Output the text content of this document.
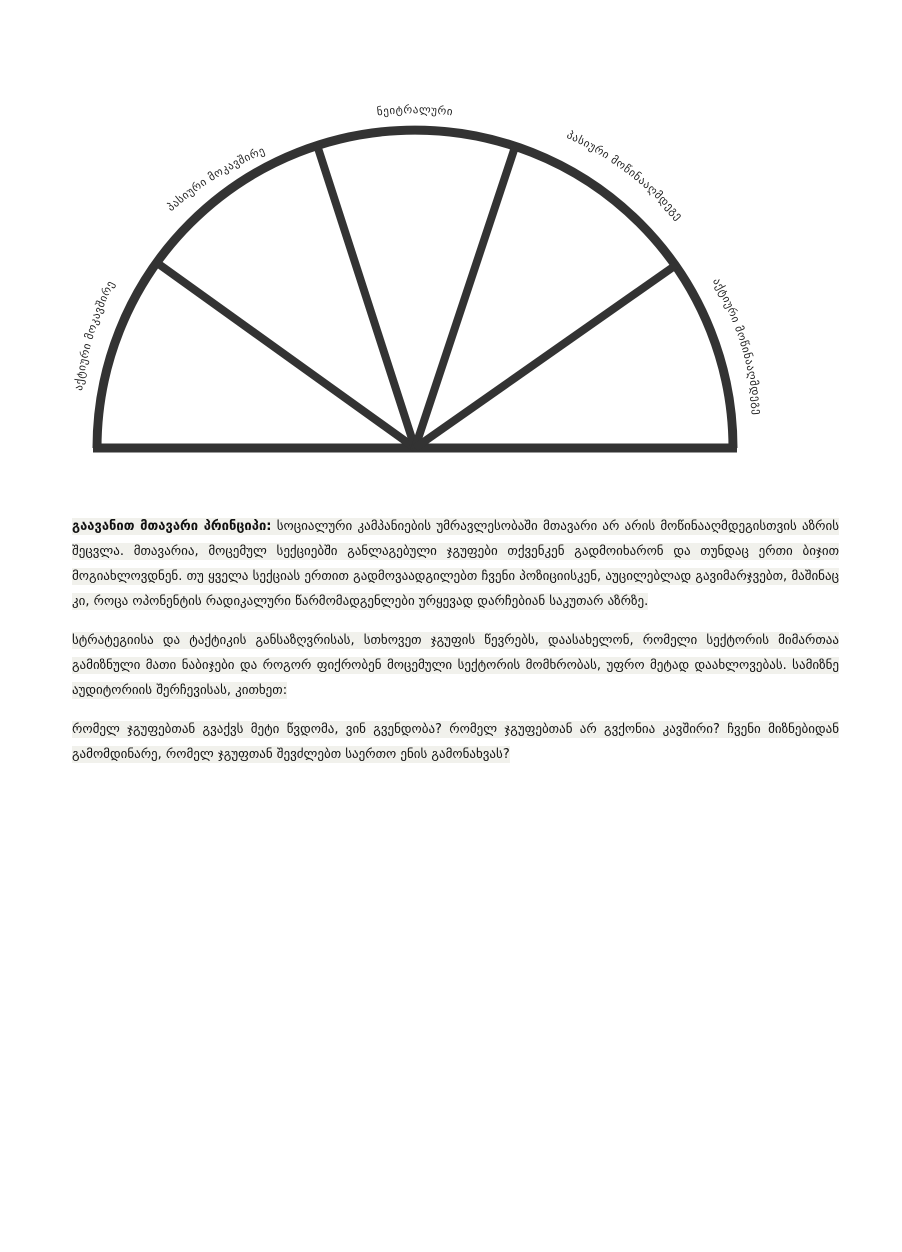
აქტიური მოკავშირე
პასიური მოკავშირე
ნეიტრალური
პასიური მოწინააღმდეგე
აქტიური მოწინააღმდეგე

გაავანით მთავარი პრინციპი: სოციალური კამპანიების უმრავლესობაში მთავარი არ არის მოწინააღმდეგისთვის აზრის შეცვლა. მთავარია, მოცემულ სექციებში განლაგებული ჯგუფები თქვენკენ გადმოიხარონ და თუნდაც ერთი ბიჯით მოგიახლოვდნენ. თუ ყველა სექციას ერთით გადმოვაადგილებთ ჩვენი პოზიციისკენ, აუცილებლად გავიმარჯვებთ, მაშინაც კი, როცა ოპონენტის რადიკალური წარმომადგენლები ურყევად დარჩებიან საკუთარ აზრზე.

სტრატეგიისა და ტაქტიკის განსაზღვრისას, სთხოვეთ ჯგუფის წევრებს, დაასახელონ, რომელი სექტორის მიმართაა გამიზნული მათი ნაბიჯები და როგორ ფიქრობენ მოცემული სექტორის მომხრობას, უფრო მეტად დაახლოვებას. სამიზნე აუდიტორიის შერჩევისას, კითხეთ:

რომელ ჯგუფებთან გვაქვს მეტი წვდომა, ვინ გვენდობა? რომელ ჯგუფებთან არ გვქონია კავშირი? ჩვენი მიზნებიდან გამომდინარე, რომელ ჯგუფთან შევძლებთ საერთო ენის გამონახვას?
